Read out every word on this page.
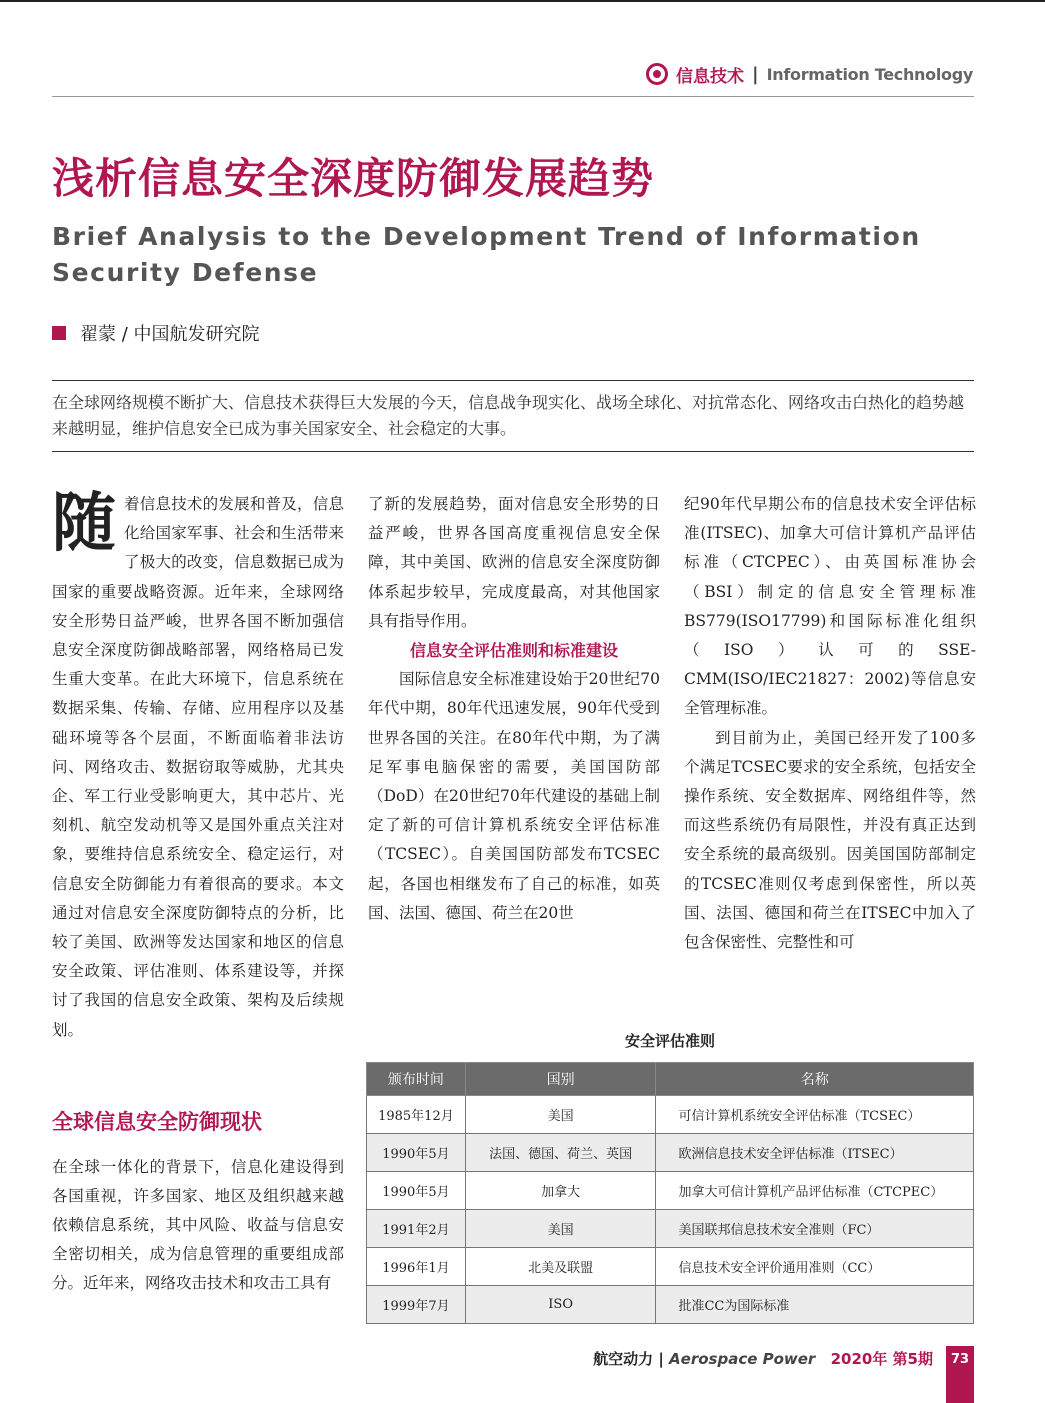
信息技术 | Information Technology
浅析信息安全深度防御发展趋势
Brief Analysis to the Development Trend of Information Security Defense
翟蒙 / 中国航发研究院
在全球网络规模不断扩大、信息技术获得巨大发展的今天，信息战争现实化、战场全球化、对抗常态化、网络攻击白热化的趋势越来越明显，维护信息安全已成为事关国家安全、社会稳定的大事。
随 着信息技术的发展和普及，信息化给国家军事、社会和生活带来了极大的改变，信息数据已成为国家的重要战略资源。近年来，全球网络安全形势日益严峻，世界各国不断加强信息安全深度防御战略部署，网络格局已发生重大变革。在此大环境下，信息系统在数据采集、传输、存储、应用程序以及基础环境等各个层面，不断面临着非法访问、网络攻击、数据窃取等威胁，尤其央企、军工行业受影响更大，其中芯片、光刻机、航空发动机等又是国外重点关注对象，要维持信息系统安全、稳定运行，对信息安全防御能力有着很高的要求。本文通过对信息安全深度防御特点的分析，比较了美国、欧洲等发达国家和地区的信息安全政策、评估准则、体系建设等，并探讨了我国的信息安全政策、架构及后续规划。

全球信息安全防御现状

在全球一体化的背景下，信息化建设得到各国重视，许多国家、地区及组织越来越依赖信息系统，其中风险、收益与信息安全密切相关，成为信息管理的重要组成部分。近年来，网络攻击技术和攻击工具有

了新的发展趋势，面对信息安全形势的日益严峻，世界各国高度重视信息安全保障，其中美国、欧洲的信息安全深度防御体系起步较早，完成度最高，对其他国家具有指导作用。

信息安全评估准则和标准建设

国际信息安全标准建设始于20世纪70年代中期，80年代迅速发展，90年代受到世界各国的关注。在80年代中期，为了满足军事电脑保密的需要，美国国防部（DoD）在20世纪70年代建设的基础上制定了新的可信计算机系统安全评估标准（TCSEC）。自美国国防部发布TCSEC起，各国也相继发布了自己的标准，如英国、法国、德国、荷兰在20世

纪90年代早期公布的信息技术安全评估标准(ITSEC)、加拿大可信计算机产品评估标准（CTCPEC）、由英国标准协会（BSI）制定的信息安全管理标准BS779(ISO17799)和国际标准化组织（ISO）认可的SSE-CMM(ISO/IEC21827：2002)等信息安全管理标准。

到目前为止，美国已经开发了100多个满足TCSEC要求的安全系统，包括安全操作系统、安全数据库、网络组件等，然而这些系统仍有局限性，并没有真正达到安全系统的最高级别。因美国国防部制定的TCSEC准则仅考虑到保密性，所以英国、法国、德国和荷兰在ITSEC中加入了包含保密性、完整性和可

安全评估准则
颁布时间	国别	名称
1985年12月	美国	可信计算机系统安全评估标准（TCSEC）
1990年5月	法国、德国、荷兰、英国	欧洲信息技术安全评估标准（ITSEC）
1990年5月	加拿大	加拿大可信计算机产品评估标准（CTCPEC）
1991年2月	美国	美国联邦信息技术安全准则（FC）
1996年1月	北美及联盟	信息技术安全评价通用准则（CC）
1999年7月	ISO	批准CC为国际标准
航空动力 | Aerospace Power 2020年 第5期	73
